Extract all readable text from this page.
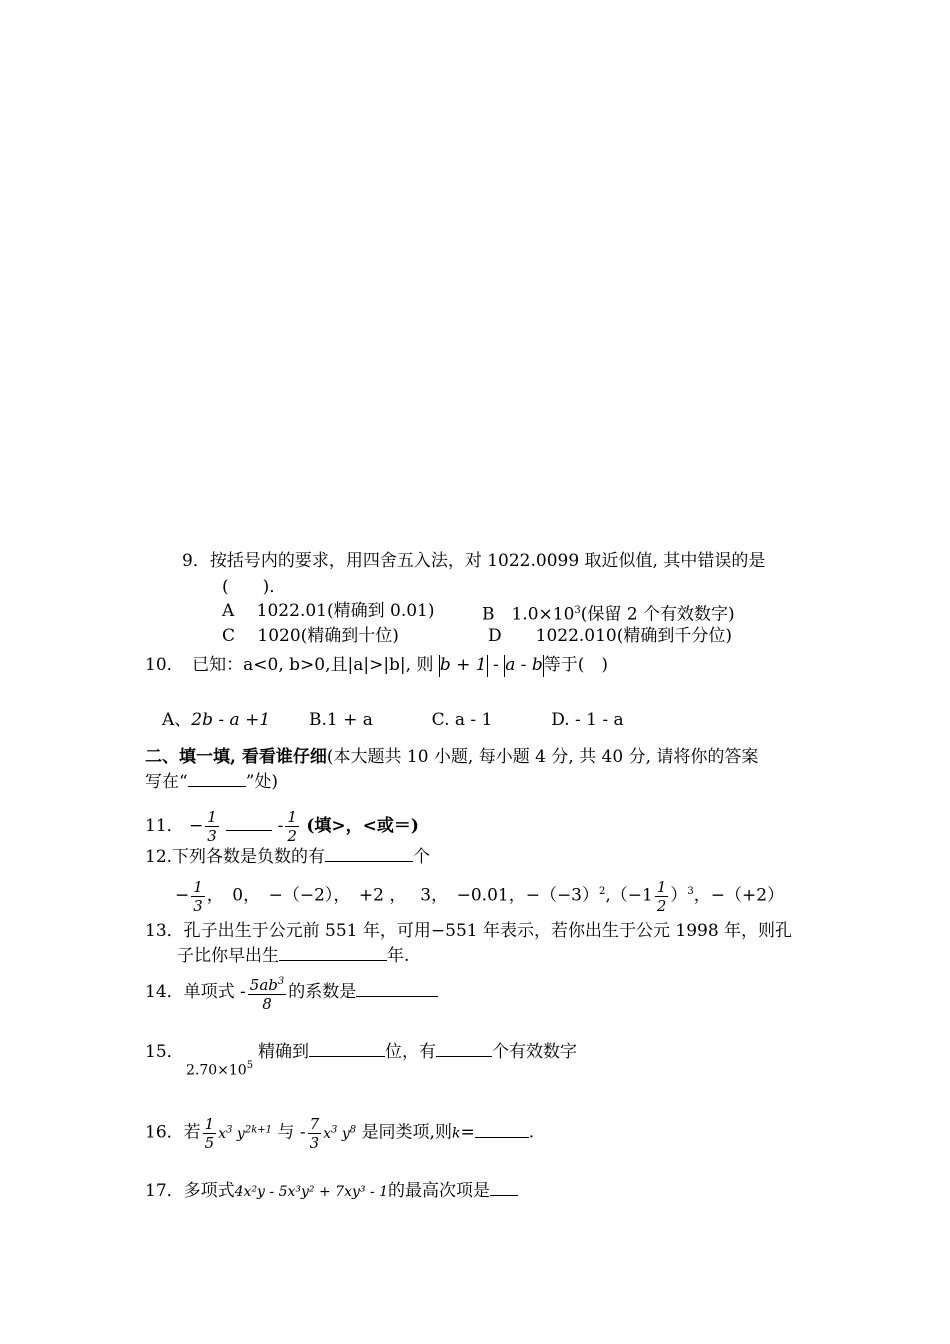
9．按括号内的要求，用四舍五入法，对 1022.0099 取近似值, 其中错误的是
(　　)．
A　 1022.01(精确到 0.01)	B　$1.0\times 10^3$(保留 2 个有效数字)
C　 1020(精确到十位)	D　　1022.010(精确到千分位)
10．　已知：a<0, b>0,且|a|>|b|, 则 b + 1 - a - b等于(　)
A、2b - a +1 B.1 + a	C. a - 1	D. - 1 - a
二、填一填, 看看谁仔细(本大题共 10 小题, 每小题 4 分, 共 40 分, 请将你的答案
写在“	”处)
11． − $\frac{1}{3}$	- $\frac{1}{2}$ (填>，<或＝)
12.下列各数是负数的有	个
− $\frac{1}{3}$ ，　0，　−（−2），　+2 ，　 3，　−0.01，$-(-3)^2,(-1 \frac{1}{2} )^3$，−（+2）
13．孔子出生于公元前 551 年，可用−551 年表示，若你出生于公元 1998 年，则孔
子比你早出生	年.
14．单项式 - $\frac{5ab^3}{8}$ 的系数是
15．
$2.70\times 10^5$
精确到	位，有	个有效数字
16．若 $\frac{1}{5} x^3$ $y^{2k+1}$ 与 - $\frac{7}{3} x^3$ $y^8$ 是同类项,则k=	.
17．多项式4x²y - 5x³y² + 7xy³ - 1的最高次项是
